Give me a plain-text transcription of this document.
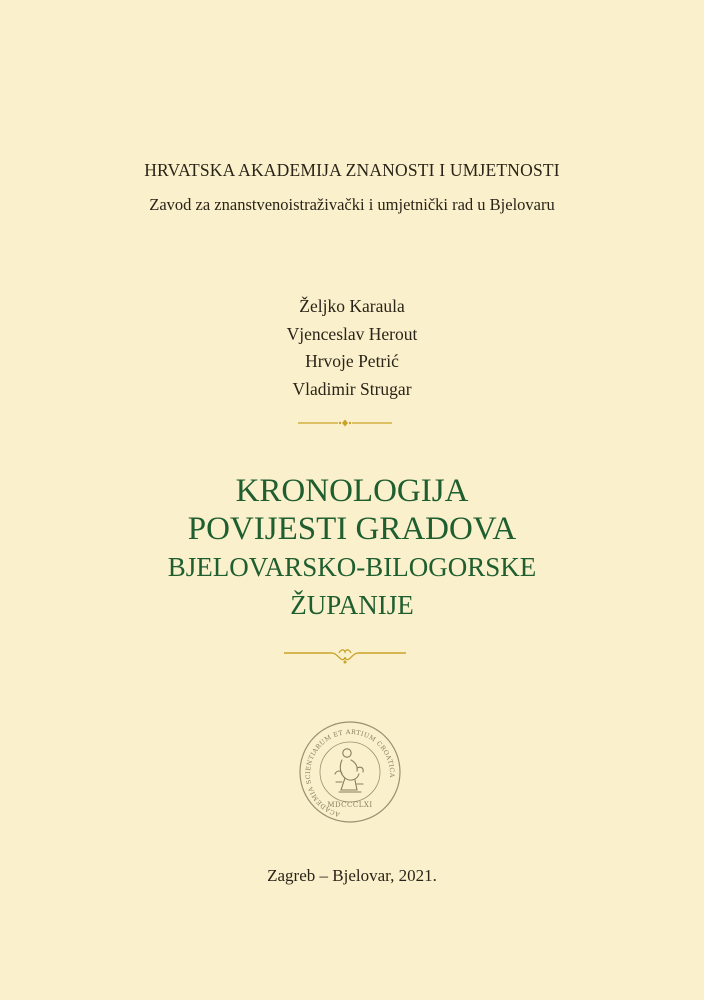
HRVATSKA AKADEMIJA ZNANOSTI I UMJETNOSTI
Zavod za znanstvenoistraživački i umjetnički rad u Bjelovaru
Željko Karaula
Vjenceslav Herout
Hrvoje Petrić
Vladimir Strugar
KRONOLOGIJA
POVIJESTI GRADOVA
BJELOVARSKO-BILOGORSKE
ŽUPANIJE
ACADEMIA SCIENTIARUM ET ARTIUM CROATICA
MDCCCLXI
Zagreb – Bjelovar, 2021.
